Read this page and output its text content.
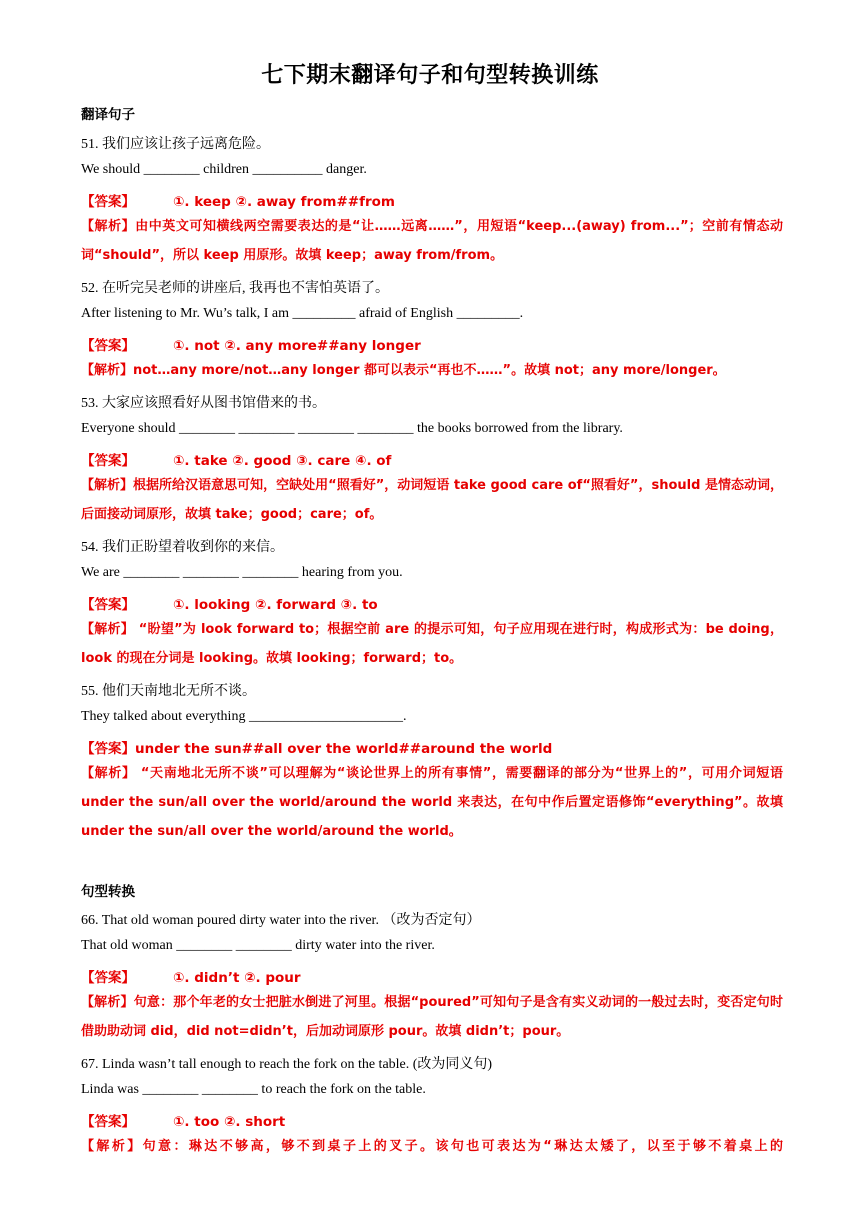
七下期末翻译句子和句型转换训练
翻译句子
51. 我们应该让孩子远离危险。
We should ________ children __________ danger.
【答案】	①. keep ②. away from##from
【解析】由中英文可知横线两空需要表达的是“让……远离……”，用短语“keep...(away) from...”；空前有情态动词“should”，所以 keep 用原形。故填 keep；away from/from。
52. 在听完吴老师的讲座后, 我再也不害怕英语了。
After listening to Mr. Wu’s talk, I am _________ afraid of English _________.
【答案】	①. not ②. any more##any longer
【解析】not…any more/not…any longer 都可以表示“再也不……”。故填 not；any more/longer。
53. 大家应该照看好从图书馆借来的书。
Everyone should ________ ________ ________ ________ the books borrowed from the library.
【答案】	①. take ②. good ③. care ④. of
【解析】根据所给汉语意思可知，空缺处用“照看好”，动词短语 take good care of“照看好”，should 是情态动词，后面接动词原形，故填 take；good；care；of。
54. 我们正盼望着收到你的来信。
We are ________ ________ ________ hearing from you.
【答案】	①. looking ②. forward ③. to
【解析】 “盼望”为 look forward to；根据空前 are 的提示可知，句子应用现在进行时，构成形式为：be doing，look 的现在分词是 looking。故填 looking；forward；to。
55. 他们天南地北无所不谈。
They talked about everything ______________________.
【答案】under the sun##all over the world##around the world
【解析】 “天南地北无所不谈”可以理解为“谈论世界上的所有事情”，需要翻译的部分为“世界上的”，可用介词短语 under the sun/all over the world/around the world 来表达，在句中作后置定语修饰“everything”。故填 under the sun/all over the world/around the world。
句型转换
66. That old woman poured dirty water into the river. （改为否定句）
That old woman ________ ________ dirty water into the river.
【答案】	①. didn’t ②. pour
【解析】句意：那个年老的女士把脏水倒进了河里。根据“poured”可知句子是含有实义动词的一般过去时，变否定句时借助助动词 did，did not=didn’t，后加动词原形 pour。故填 didn’t；pour。
67. Linda wasn’t tall enough to reach the fork on the table. (改为同义句)
Linda was ________ ________ to reach the fork on the table.
【答案】	①. too ②. short
【解析】句意：琳达不够高，够不到桌子上的叉子。该句也可表达为“琳达太矮了，以至于够不着桌上的
